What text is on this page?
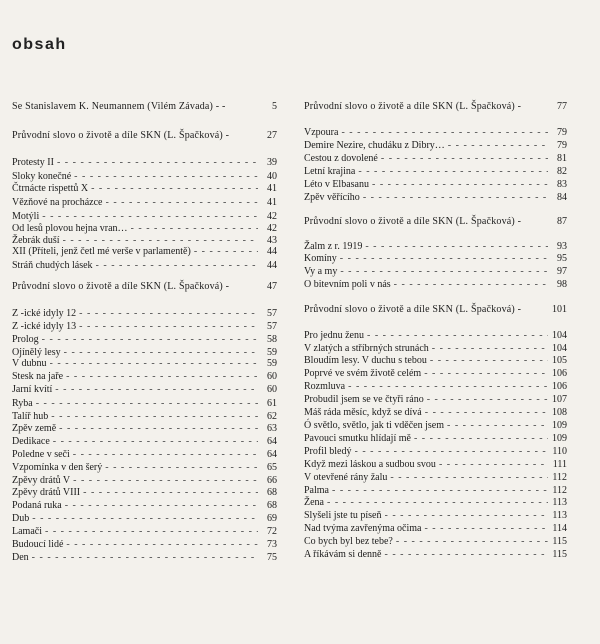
obsah
Se Stanislavem K. Neumannem (Vilém Závada) - -	5
Průvodní slovo o životě a díle SKN (L. Špačková) -	27
Protesty II - - -	39
Sloky konečné - - -	40
Čtrnácte rispettů X - - -	41
Vězňové na procházce - - -	41
Motýli - - -	42
Od lesů plovou hejna vran… - - -	42
Žebrák duší - - -	43
XII (Příteli, jenž četl mé verše v parlamentě) - - -	44
Stráň chudých lásek - - -	44
Průvodní slovo o životě a díle SKN (L. Špačková) -	47
Z -ické idyly 12 - - -	57
Z -ické idyly 13 - - -	57
Prolog - - -	58
Ojínělý lesy - - -	59
V dubnu - - -	59
Stesk na jaře - - -	60
Jarní kvítí - - -	60
Ryba - - -	61
Talíř hub - - -	62
Zpěv země - - -	63
Dedikace - - -	64
Poledne v seči - - -	64
Vzpomínka v den šerý - - -	65
Zpěvy drátů V - - -	66
Zpěvy drátů VIII - - -	68
Podaná ruka - - -	68
Dub - - -	69
Lamači - - -	72
Budoucí lidé - - -	73
Den - - -	75
Průvodní slovo o životě a díle SKN (L. Špačková) -	77
Vzpoura - - -	79
Demire Nezire, chudáku z Dibry… - - -	79
Cestou z dovolené - - -	81
Letní krajina - - -	82
Léto v Elbasanu - - -	83
Zpěv věřícího - - -	84
Průvodní slovo o životě a díle SKN (L. Špačková) -	87
Žalm z r. 1919 - - -	93
Komíny - - -	95
Vy a my - - -	97
O bitevním poli v nás - - -	98
Průvodní slovo o životě a díle SKN (L. Špačková) -	101
Pro jednu ženu - - -	104
V zlatých a stříbrných strunách - - -	104
Bloudím lesy. V duchu s tebou - - -	105
Poprvé ve svém životě celém - - -	106
Rozmluva - - -	106
Probudil jsem se ve čtyři ráno - - -	107
Máš ráda měsíc, když se dívá - - -	108
Ó světlo, světlo, jak ti vděčen jsem - - -	109
Pavouci smutku hlídají mě - - -	109
Profil bledý - - -	110
Když mezi láskou a sudbou svou - - -	111
V otevřené rány žalu - - -	112
Palma - - -	112
Žena - - -	113
Slyšeli jste tu píseň - - -	113
Nad tvýma zavřenýma očima - - -	114
Co bych byl bez tebe? - - -	115
A říkávám si denně - - -	115
